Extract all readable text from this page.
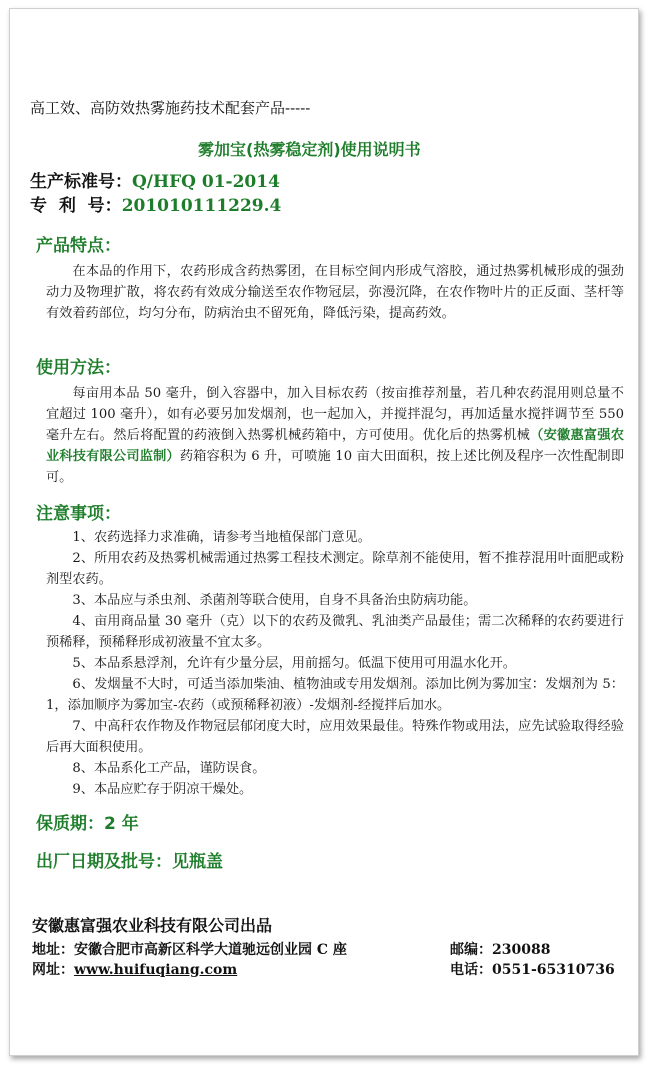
高工效、高防效热雾施药技术配套产品-----
雾加宝(热雾稳定剂)使用说明书
生产标准号：Q/HFQ 01-2014
专  利  号：201010111229.4
产品特点：
在本品的作用下，农药形成含药热雾团，在目标空间内形成气溶胶，通过热雾机械形成的强劲动力及物理扩散，将农药有效成分输送至农作物冠层，弥漫沉降，在农作物叶片的正反面、茎杆等有效着药部位，均匀分布，防病治虫不留死角，降低污染，提高药效。
使用方法：
每亩用本品 50 毫升，倒入容器中，加入目标农药（按亩推荐剂量，若几种农药混用则总量不宜超过 100 毫升），如有必要另加发烟剂，也一起加入，并搅拌混匀，再加适量水搅拌调节至 550 毫升左右。然后将配置的药液倒入热雾机械药箱中，方可使用。优化后的热雾机械（安徽惠富强农业科技有限公司监制）药箱容积为 6 升，可喷施 10 亩大田面积，按上述比例及程序一次性配制即可。
注意事项：

1、农药选择力求准确，请参考当地植保部门意见。

2、所用农药及热雾机械需通过热雾工程技术测定。除草剂不能使用，暂不推荐混用叶面肥或粉剂型农药。

3、本品应与杀虫剂、杀菌剂等联合使用，自身不具备治虫防病功能。

4、亩用商品量 30 毫升（克）以下的农药及微乳、乳油类产品最佳；需二次稀释的农药要进行预稀释，预稀释形成初液量不宜太多。

5、本品系悬浮剂，允许有少量分层，用前摇匀。低温下使用可用温水化开。

6、发烟量不大时，可适当添加柴油、植物油或专用发烟剂。添加比例为雾加宝：发烟剂为 5：1，添加顺序为雾加宝-农药（或预稀释初液）-发烟剂-经搅拌后加水。

7、中高秆农作物及作物冠层郁闭度大时，应用效果最佳。特殊作物或用法，应先试验取得经验后再大面积使用。

8、本品系化工产品，谨防误食。

9、本品应贮存于阴凉干燥处。

保质期：2 年
出厂日期及批号：见瓶盖
安徽惠富强农业科技有限公司出品
地址：安徽合肥市高新区科学大道驰远创业园 C 座	邮编：230088
网址：www.huifuqiang.com	电话：0551-65310736
